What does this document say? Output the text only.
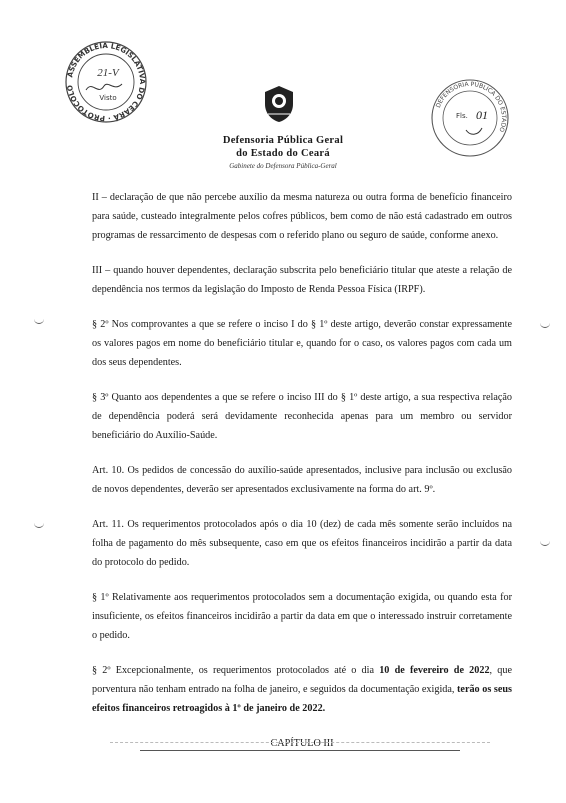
ASSEMBLEIA LEGISLATIVA DO CEARÁ · PROTOCOLO
21-V
Visto
DEFENSORIA PÚBLICA DO ESTADO
Fls. 01
Defensoria Pública Geral
do Estado do Ceará
Gabinete do Defensora Pública-Geral

II – declaração de que não percebe auxílio da mesma natureza ou outra forma de benefício financeiro para saúde, custeado integralmente pelos cofres públicos, bem como de não está cadastrado em outros programas de ressarcimento de despesas com o referido plano ou seguro de saúde, conforme anexo.

III – quando houver dependentes, declaração subscrita pelo beneficiário titular que ateste a relação de dependência nos termos da legislação do Imposto de Renda Pessoa Física (IRPF).

§ 2º Nos comprovantes a que se refere o inciso I do § 1º deste artigo, deverão constar expressamente os valores pagos em nome do beneficiário titular e, quando for o caso, os valores pagos com cada um dos seus dependentes.

§ 3º Quanto aos dependentes a que se refere o inciso III do § 1º deste artigo, a sua respectiva relação de dependência poderá será devidamente reconhecida apenas para um membro ou servidor beneficiário do Auxílio-Saúde.

Art. 10. Os pedidos de concessão do auxílio-saúde apresentados, inclusive para inclusão ou exclusão de novos dependentes, deverão ser apresentados exclusivamente na forma do art. 9º.

Art. 11. Os requerimentos protocolados após o dia 10 (dez) de cada mês somente serão incluídos na folha de pagamento do mês subsequente, caso em que os efeitos financeiros incidirão a partir da data do protocolo do pedido.

§ 1º Relativamente aos requerimentos protocolados sem a documentação exigida, ou quando esta for insuficiente, os efeitos financeiros incidirão a partir da data em que o interessado instruir corretamente o pedido.

§ 2º Excepcionalmente, os requerimentos protocolados até o dia 10 de fevereiro de 2022, que porventura não tenham entrado na folha de janeiro, e seguidos da documentação exigida, terão os seus efeitos financeiros retroagidos à 1º de janeiro de 2022.

CAPÍTULO III
